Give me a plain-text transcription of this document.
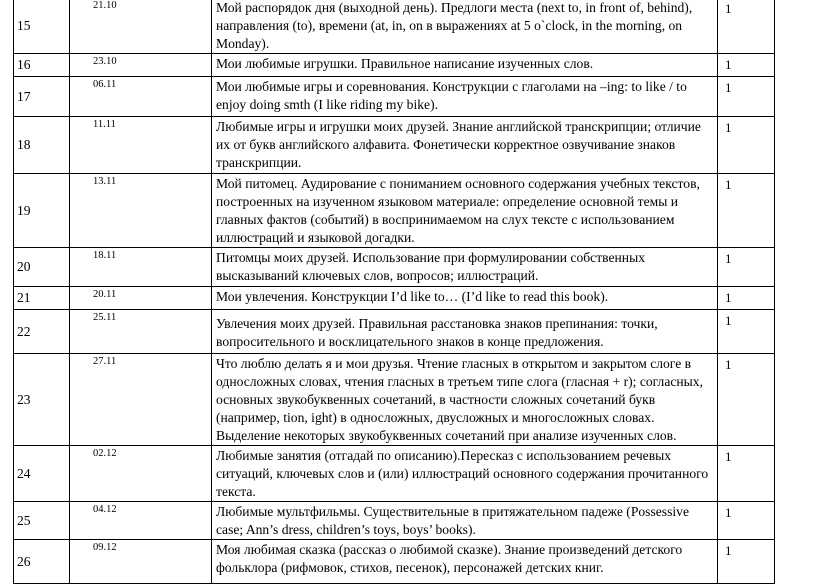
15	21.10	Мой распорядок дня (выходной день). Предлоги места (next to, in front of, behind), направления (to), времени (at, in, on в выражениях at 5 o`clock, in the morning, on Monday).	1
16	23.10	Мои любимые игрушки. Правильное написание изученных слов.	1
17	06.11	Мои любимые игры и соревнования. Конструкции с глаголами на –ing: to like / to enjoy doing smth (I like riding my bike).	1
18	11.11	Любимые игры и игрушки моих друзей. Знание английской транскрипции; отличие их от букв английского алфавита. Фонетически корректное озвучивание знаков транскрипции.	1
19	13.11	Мой питомец. Аудирование с пониманием основного содержания учебных текстов, построенных на изученном языковом материале: определение основной темы и главных фактов (событий) в воспринимаемом на слух тексте с использованием иллюстраций и языковой догадки.	1
20	18.11	Питомцы моих друзей. Использование при формулировании собственных высказываний ключевых слов, вопросов; иллюстраций.	1
21	20.11	Мои увлечения. Конструкции I’d like to… (I’d like to read this book).	1
22	25.11	Увлечения моих друзей. Правильная расстановка знаков препинания: точки, вопросительного и восклицательного знаков в конце предложения.	1
23	27.11	Что люблю делать я и мои друзья. Чтение гласных в открытом и закрытом слоге в односложных словах, чтения гласных в третьем типе слога (гласная + r); согласных, основных звукобуквенных сочетаний, в частности сложных сочетаний букв (например, tion, ight) в односложных, двусложных и многосложных словах. Выделение некоторых звукобуквенных сочетаний при анализе изученных слов.	1
24	02.12	Любимые занятия (отгадай по описанию).Пересказ с использованием речевых ситуаций, ключевых слов и (или) иллюстраций основного содержания прочитанного текста.	1
25	04.12	Любимые мультфильмы. Существительные в притяжательном падеже (Possessive case; Ann’s dress, children’s toys, boys’ books).	1
26	09.12	Моя любимая сказка (рассказ о любимой сказке). Знание произведений детского фольклора (рифмовок, стихов, песенок), персонажей детских книг.	1
